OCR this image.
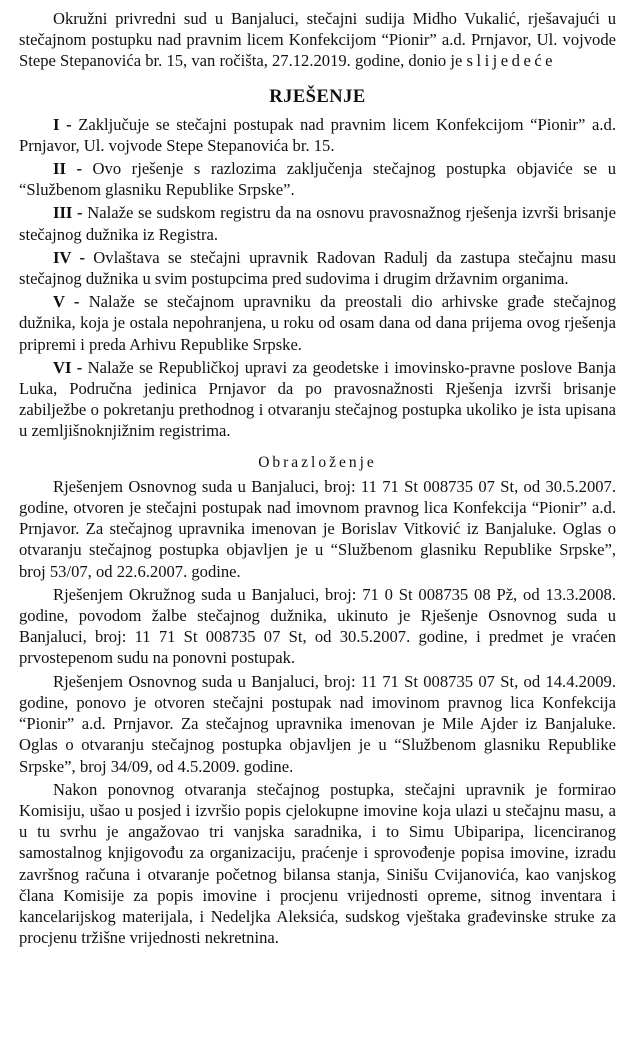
Okružni privredni sud u Banjaluci, stečajni sudija Midho Vukalić, rješavajući u stečajnom postupku nad pravnim licem Konfekcijom “Pionir” a.d. Prnjavor, Ul. vojvode Stepe Stepanovića br. 15, van ročišta, 27.12.2019. godine, donio je slijedeće

RJEŠENJE

I - Zaključuje se stečajni postupak nad pravnim licem Konfekcijom “Pionir” a.d. Prnjavor, Ul. vojvode Stepe Stepanovića br. 15.

II - Ovo rješenje s razlozima zaključenja stečajnog postupka objaviće se u “Službenom glasniku Republike Srpske”.

III - Nalaže se sudskom registru da na osnovu pravosnažnog rješenja izvrši brisanje stečajnog dužnika iz Registra.

IV - Ovlaštava se stečajni upravnik Radovan Radulj da zastupa stečajnu masu stečajnog dužnika u svim postupcima pred sudovima i drugim državnim organima.

V - Nalaže se stečajnom upravniku da preostali dio arhivske građe stečajnog dužnika, koja je ostala nepohranjena, u roku od osam dana od dana prijema ovog rješenja pripremi i preda Arhivu Republike Srpske.

VI - Nalaže se Republičkoj upravi za geodetske i imovinsko-pravne poslove Banja Luka, Područna jedinica Prnjavor da po pravosnažnosti Rješenja izvrši brisanje zabilježbe o pokretanju prethodnog i otvaranju stečajnog postupka ukoliko je ista upisana u zemljišnoknjižnim registrima.

Obrazloženje

Rješenjem Osnovnog suda u Banjaluci, broj: 11 71 St 008735 07 St, od 30.5.2007. godine, otvoren je stečajni postupak nad imovnom pravnog lica Konfekcija “Pionir” a.d. Prnjavor. Za stečajnog upravnika imenovan je Borislav Vitković iz Banjaluke. Oglas o otvaranju stečajnog postupka objavljen je u “Službenom glasniku Republike Srpske”, broj 53/07, od 22.6.2007. godine.

Rješenjem Okružnog suda u Banjaluci, broj: 71 0 St 008735 08 Pž, od 13.3.2008. godine, povodom žalbe stečajnog dužnika, ukinuto je Rješenje Osnovnog suda u Banjaluci, broj: 11 71 St 008735 07 St, od 30.5.2007. godine, i predmet je vraćen prvostepenom sudu na ponovni postupak.

Rješenjem Osnovnog suda u Banjaluci, broj: 11 71 St 008735 07 St, od 14.4.2009. godine, ponovo je otvoren stečajni postupak nad imovinom pravnog lica Konfekcija “Pionir” a.d. Prnjavor. Za stečajnog upravnika imenovan je Mile Ajder iz Banjaluke. Oglas o otvaranju stečajnog postupka objavljen je u “Službenom glasniku Republike Srpske”, broj 34/09, od 4.5.2009. godine.

Nakon ponovnog otvaranja stečajnog postupka, stečajni upravnik je formirao Komisiju, ušao u posjed i izvršio popis cjelokupne imovine koja ulazi u stečajnu masu, a u tu svrhu je angažovao tri vanjska saradnika, i to Simu Ubiparipa, licenciranog samostalnog knjigovođu za organizaciju, praćenje i sprovođenje popisa imovine, izradu završnog računa i otvaranje početnog bilansa stanja, Sinišu Cvijanovića, kao vanjskog člana Komisije za popis imovine i procjenu vrijednosti opreme, sitnog inventara i kancelarijskog materijala, i Nedeljka Aleksića, sudskog vještaka građevinske struke za procjenu tržišne vrijednosti nekretnina.
